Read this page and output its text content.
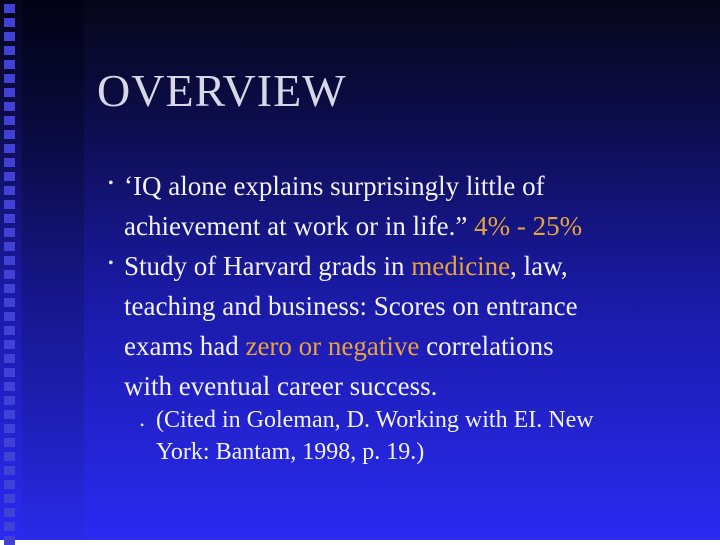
OVERVIEW
• ‘IQ alone explains surprisingly little of
achievement at work or in life.” 4% - 25%
• Study of Harvard grads in medicine, law,
teaching and business: Scores on entrance
exams had zero or negative correlations
with eventual career success.
• (Cited in Goleman, D. Working with EI. New
York: Bantam, 1998, p. 19.)
